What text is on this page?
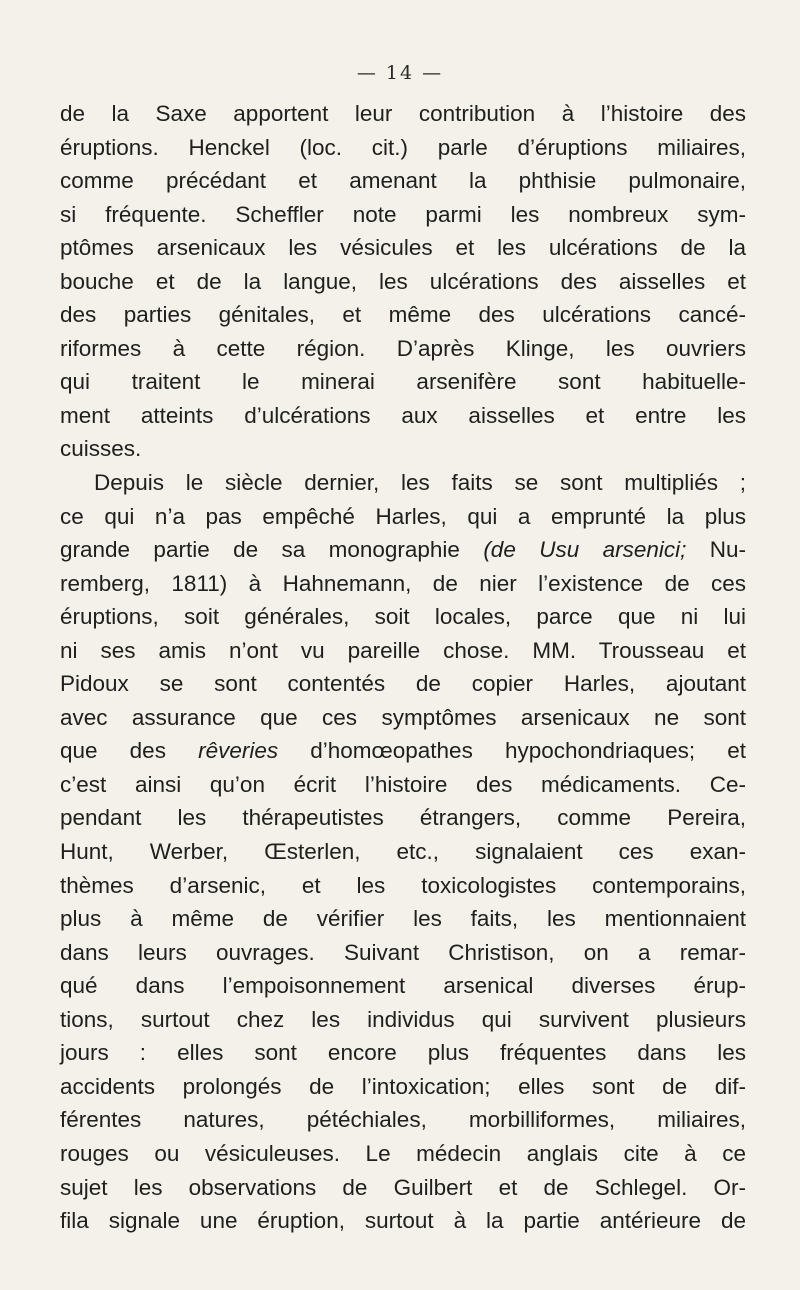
— 14 —
de la Saxe apportent leur contribution à l’histoire des
éruptions. Henckel (loc. cit.) parle d’éruptions miliaires,
comme précédant et amenant la phthisie pulmonaire,
si fréquente. Scheffler note parmi les nombreux sym-
ptômes arsenicaux les vésicules et les ulcérations de la
bouche et de la langue, les ulcérations des aisselles et
des parties génitales, et même des ulcérations cancé-
riformes à cette région. D’après Klinge, les ouvriers
qui traitent le minerai arsenifère sont habituelle-
ment atteints d’ulcérations aux aisselles et entre les
cuisses.
Depuis le siècle dernier, les faits se sont multipliés ;
ce qui n’a pas empêché Harles, qui a emprunté la plus
grande partie de sa monographie (de Usu arsenici; Nu-
remberg, 1811) à Hahnemann, de nier l’existence de ces
éruptions, soit générales, soit locales, parce que ni lui
ni ses amis n’ont vu pareille chose. MM. Trousseau et
Pidoux se sont contentés de copier Harles, ajoutant
avec assurance que ces symptômes arsenicaux ne sont
que des rêveries d’homœopathes hypochondriaques; et
c’est ainsi qu’on écrit l’histoire des médicaments. Ce-
pendant les thérapeutistes étrangers, comme Pereira,
Hunt, Werber, Œsterlen, etc., signalaient ces exan-
thèmes d’arsenic, et les toxicologistes contemporains,
plus à même de vérifier les faits, les mentionnaient
dans leurs ouvrages. Suivant Christison, on a remar-
qué dans l’empoisonnement arsenical diverses érup-
tions, surtout chez les individus qui survivent plusieurs
jours : elles sont encore plus fréquentes dans les
accidents prolongés de l’intoxication; elles sont de dif-
férentes natures, pétéchiales, morbilliformes, miliaires,
rouges ou vésiculeuses. Le médecin anglais cite à ce
sujet les observations de Guilbert et de Schlegel. Or-
fila signale une éruption, surtout à la partie antérieure de
